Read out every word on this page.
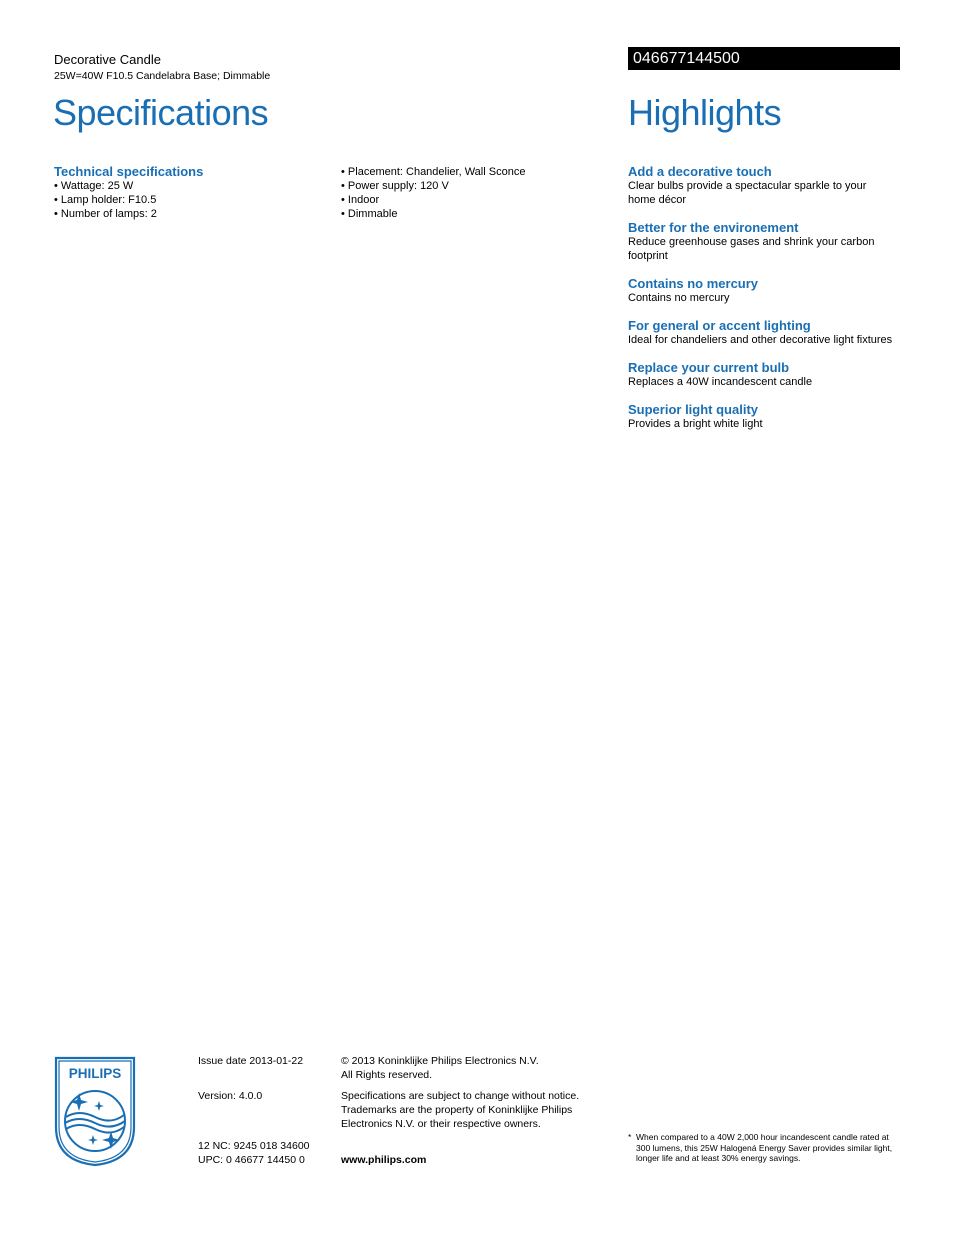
Decorative Candle
25W=40W F10.5 Candelabra Base; Dimmable
046677144500
Specifications	Highlights
Technical specifications
• Wattage: 25 W
• Lamp holder: F10.5
• Number of lamps: 2
• Placement: Chandelier, Wall Sconce
• Power supply: 120 V
• Indoor
• Dimmable
Add a decorative touch
Clear bulbs provide a spectacular sparkle to your home décor
Better for the environement
Reduce greenhouse gases and shrink your carbon footprint
Contains no mercury
Contains no mercury
For general or accent lighting
Ideal for chandeliers and other decorative light fixtures
Replace your current bulb
Replaces a 40W incandescent candle
Superior light quality
Provides a bright white light
PHILIPS
Issue date 2013-01-22
Version: 4.0.0
12 NC: 9245 018 34600
UPC: 0 46677 14450 0
© 2013 Koninklijke Philips Electronics N.V.
All Rights reserved.
Specifications are subject to change without notice.
Trademarks are the property of Koninklijke Philips
Electronics N.V. or their respective owners.
www.philips.com
* When compared to a 40W 2,000 hour incandescent candle rated at 300 lumens, this 25W Halogená Energy Saver provides similar light, longer life and at least 30% energy savings.
